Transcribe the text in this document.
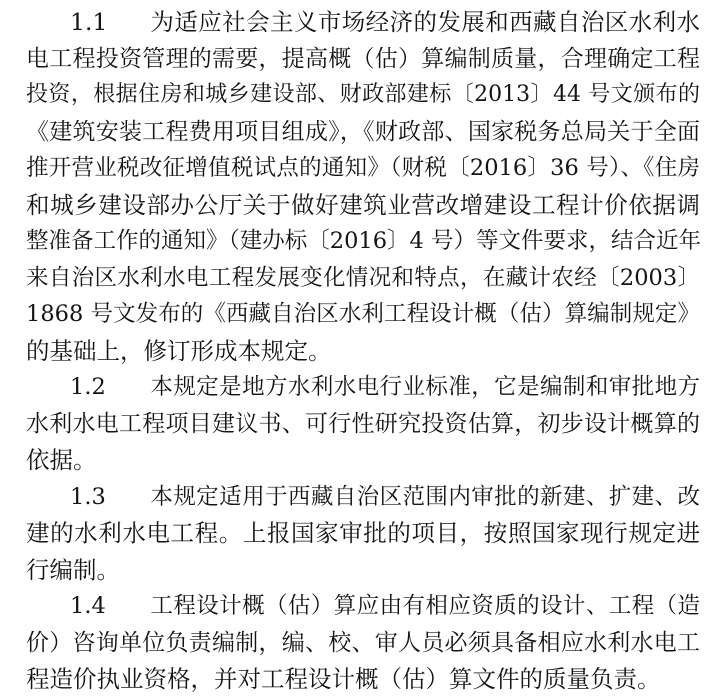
1.1 为适应社会主义市场经济的发展和西藏自治区水利水
电工程投资管理的需要，提高概（估）算编制质量，合理确定工程
投资，根据住房和城乡建设部、财政部建标〔2013〕44 号文颁布的
《建筑安装工程费用项目组成》，《财政部、国家税务总局关于全面
推开营业税改征增值税试点的通知》（财税〔2016〕36 号）、《住房
和城乡建设部办公厅关于做好建筑业营改增建设工程计价依据调
整准备工作的通知》（建办标〔2016〕4 号）等文件要求，结合近年
来自治区水利水电工程发展变化情况和特点，在藏计农经〔2003〕
1868 号文发布的《西藏自治区水利工程设计概（估）算编制规定》
的基础上，修订形成本规定。
1.2 本规定是地方水利水电行业标准，它是编制和审批地方
水利水电工程项目建议书、可行性研究投资估算，初步设计概算的
依据。
1.3 本规定适用于西藏自治区范围内审批的新建、扩建、改
建的水利水电工程。上报国家审批的项目，按照国家现行规定进
行编制。
1.4 工程设计概（估）算应由有相应资质的设计、工程（造
价）咨询单位负责编制，编、校、审人员必须具备相应水利水电工
程造价执业资格，并对工程设计概（估）算文件的质量负责。
